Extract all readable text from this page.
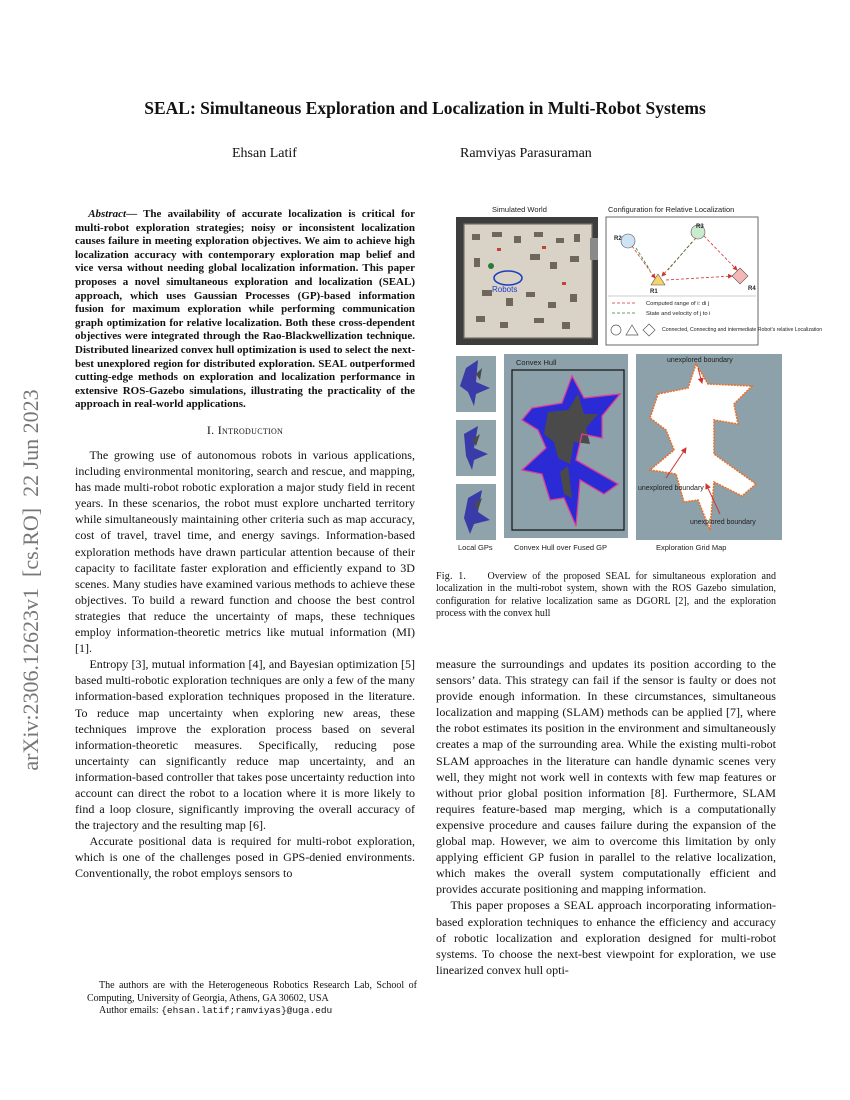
arXiv:2306.12623v1  [cs.RO]  22 Jun 2023
SEAL: Simultaneous Exploration and Localization in Multi-Robot Systems
Ehsan Latif	Ramviyas Parasuraman

Abstract— The availability of accurate localization is critical for multi-robot exploration strategies; noisy or inconsistent localization causes failure in meeting exploration objectives. We aim to achieve high localization accuracy with contemporary exploration map belief and vice versa without needing global localization information. This paper proposes a novel simultaneous exploration and localization (SEAL) approach, which uses Gaussian Processes (GP)-based information fusion for maximum exploration while performing communication graph optimization for relative localization. Both these cross-dependent objectives were integrated through the Rao-Blackwellization technique. Distributed linearized convex hull optimization is used to select the next-best unexplored region for distributed exploration. SEAL outperformed cutting-edge methods on exploration and localization performance in extensive ROS-Gazebo simulations, illustrating the practicality of the approach in real-world applications.

I. Introduction

The growing use of autonomous robots in various applications, including environmental monitoring, search and rescue, and mapping, has made multi-robot robotic exploration a major study field in recent years. In these scenarios, the robot must explore uncharted territory while simultaneously maintaining other criteria such as map accuracy, cost of travel, travel time, and energy savings. Information-based exploration methods have drawn particular attention because of their capacity to facilitate faster exploration and efficiently expand to 3D scenes. Many studies have examined various methods to achieve these objectives. To build a reward function and choose the best control strategies that reduce the uncertainty of maps, these techniques employ information-theoretic metrics like mutual information (MI) [1].

Entropy [3], mutual information [4], and Bayesian optimization [5] based multi-robotic exploration techniques are only a few of the many information-based exploration techniques proposed in the literature. To reduce map uncertainty when exploring new areas, these techniques improve the exploration process based on several information-theoretic measures. Specifically, reducing pose uncertainty can significantly reduce map uncertainty, and an information-based controller that takes pose uncertainty reduction into account can direct the robot to a location where it is more likely to find a loop closure, significantly improving the overall accuracy of the trajectory and the resulting map [6].

Accurate positional data is required for multi-robot exploration, which is one of the challenges posed in GPS-denied environments. Conventionally, the robot employs sensors to

The authors are with the Heterogeneous Robotics Research Lab, School of Computing, University of Georgia, Athens, GA 30602, USA

Author emails: {ehsan.latif;ramviyas}@uga.edu

Simulated World	Configuration for Relative Localization
Robots
R2
R3
R1	R4
Computed range of i: di j
State and velocity of j to i
Connected, Connecting and intermediate Robot's relative Localization
Local GPs
Convex Hull
Convex Hull over Fused GP
unexplored boundary
unexplored boundary
unexplored boundary
Exploration Grid Map
Fig. 1. Overview of the proposed SEAL for simultaneous exploration and localization in the multi-robot system, shown with the ROS Gazebo simulation, configuration for relative localization same as DGORL [2], and the exploration process with the convex hull

measure the surroundings and updates its position according to the sensors’ data. This strategy can fail if the sensor is faulty or does not provide enough information. In these circumstances, simultaneous localization and mapping (SLAM) methods can be applied [7], where the robot estimates its position in the environment and simultaneously creates a map of the surrounding area. While the existing multi-robot SLAM approaches in the literature can handle dynamic scenes very well, they might not work well in contexts with few map features or without prior global position information [8]. Furthermore, SLAM requires feature-based map merging, which is a computationally expensive procedure and causes failure during the expansion of the global map. However, we aim to overcome this limitation by only applying efficient GP fusion in parallel to the relative localization, which makes the overall system computationally efficient and provides accurate positioning and mapping information.

This paper proposes a SEAL approach incorporating information-based exploration techniques to enhance the efficiency and accuracy of robotic localization and exploration designed for multi-robot systems. To choose the next-best viewpoint for exploration, we use linearized convex hull opti-
